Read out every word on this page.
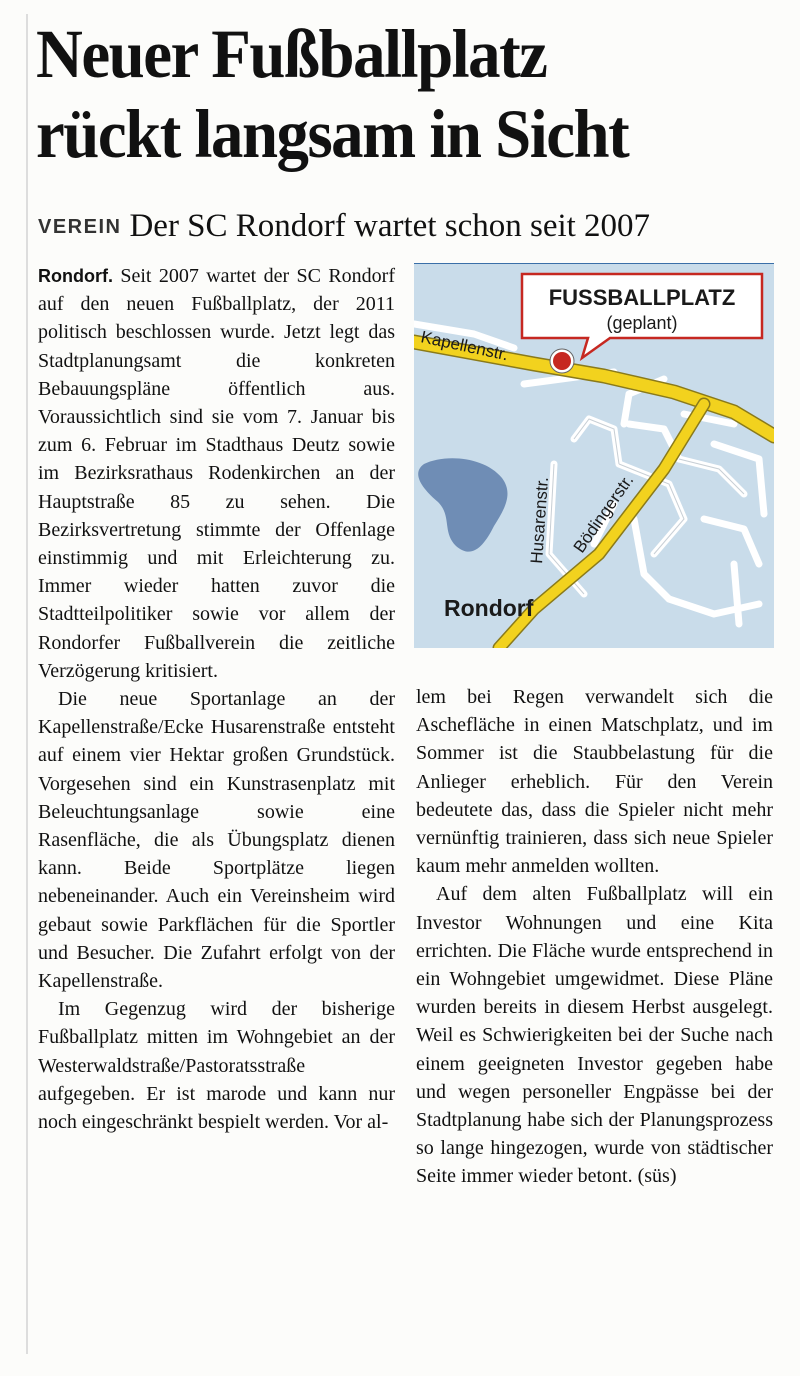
Neuer Fußballplatz
rückt langsam in Sicht
VEREIN Der SC Rondorf wartet schon seit 2007
FUSSBALLPLATZ
(geplant)
Kapellenstr.
Husarenstr. Bödingerstr.
Rondorf

Rondorf. Seit 2007 wartet der SC Rondorf auf den neuen Fußballplatz, der 2011 politisch beschlossen wurde. Jetzt legt das Stadtplanungsamt die konkreten Bebauungspläne öffentlich aus. Voraussichtlich sind sie vom 7. Januar bis zum 6. Februar im Stadthaus Deutz sowie im Bezirksrathaus Rodenkirchen an der Hauptstraße 85 zu sehen. Die Bezirksvertretung stimmte der Offenlage einstimmig und mit Erleichterung zu. Immer wieder hatten zuvor die Stadtteilpolitiker sowie vor allem der Rondorfer Fußballverein die zeitliche Verzögerung kritisiert.

Die neue Sportanlage an der Kapellenstraße/Ecke Husarenstraße entsteht auf einem vier Hektar großen Grundstück. Vorgesehen sind ein Kunstrasenplatz mit Beleuchtungsanlage sowie eine Rasenfläche, die als Übungsplatz dienen kann. Beide Sportplätze liegen nebeneinander. Auch ein Vereinsheim wird gebaut sowie Parkflächen für die Sportler und Besucher. Die Zufahrt erfolgt von der Kapellenstraße.

Im Gegenzug wird der bisherige Fußballplatz mitten im Wohngebiet an der Westerwaldstraße/Pastoratsstraße aufgegeben. Er ist marode und kann nur noch eingeschränkt bespielt werden. Vor al-

lem bei Regen verwandelt sich die Aschefläche in einen Matschplatz, und im Sommer ist die Staubbelastung für die Anlieger erheblich. Für den Verein bedeutete das, dass die Spieler nicht mehr vernünftig trainieren, dass sich neue Spieler kaum mehr anmelden wollten.

Auf dem alten Fußballplatz will ein Investor Wohnungen und eine Kita errichten. Die Fläche wurde entsprechend in ein Wohngebiet umgewidmet. Diese Pläne wurden bereits in diesem Herbst ausgelegt. Weil es Schwierigkeiten bei der Suche nach einem geeigneten Investor gegeben habe und wegen personeller Engpässe bei der Stadtplanung habe sich der Planungsprozess so lange hingezogen, wurde von städtischer Seite immer wieder betont. (süs)
